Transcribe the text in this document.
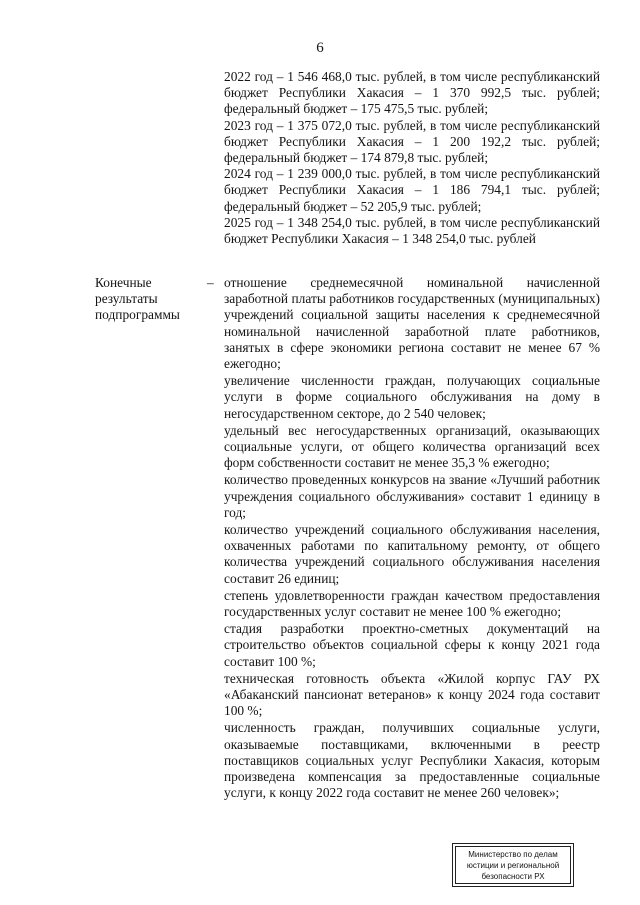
6

2022 год – 1 546 468,0 тыс. рублей, в том числе республиканский бюджет Республики Хакасия – 1 370 992,5 тыс. рублей; федеральный бюджет – 175 475,5 тыс. рублей;

2023 год – 1 375 072,0 тыс. рублей, в том числе республиканский бюджет Республики Хакасия – 1 200 192,2 тыс. рублей; федеральный бюджет – 174 879,8 тыс. рублей;

2024 год – 1 239 000,0 тыс. рублей, в том числе республиканский бюджет Республики Хакасия – 1 186 794,1 тыс. рублей; федеральный бюджет – 52 205,9 тыс. рублей;

2025 год – 1 348 254,0 тыс. рублей, в том числе республиканский бюджет Республики Хакасия – 1 348 254,0 тыс. рублей

Конечные
результаты
подпрограммы
– отношение среднемесячной номинальной начисленной заработной платы работников государственных (муниципальных) учреждений социальной защиты населения к среднемесячной номинальной начисленной заработной плате работников, занятых в сфере экономики региона составит не менее 67 % ежегодно;

увеличение численности граждан, получающих социальные услуги в форме социального обслуживания на дому в негосударственном секторе, до 2 540 человек;

удельный вес негосударственных организаций, оказывающих социальные услуги, от общего количества организаций всех форм собственности составит не менее 35,3 % ежегодно;

количество проведенных конкурсов на звание «Лучший работник учреждения социального обслуживания» составит 1 единицу в год;

количество учреждений социального обслуживания населения, охваченных работами по капитальному ремонту, от общего количества учреждений социального обслуживания населения составит 26 единиц;

степень удовлетворенности граждан качеством предоставления государственных услуг составит не менее 100 % ежегодно;

стадия разработки проектно-сметных документаций на строительство объектов социальной сферы к концу 2021 года составит 100 %;

техническая готовность объекта «Жилой корпус ГАУ РХ «Абаканский пансионат ветеранов» к концу 2024 года составит 100 %;

численность граждан, получивших социальные услуги, оказываемые поставщиками, включенными в реестр поставщиков социальных услуг Республики Хакасия, которым произведена компенсация за предоставленные социальные услуги, к концу 2022 года составит не менее 260 человек»;

Министерство по делам
юстиции и региональной
безопасности РХ
